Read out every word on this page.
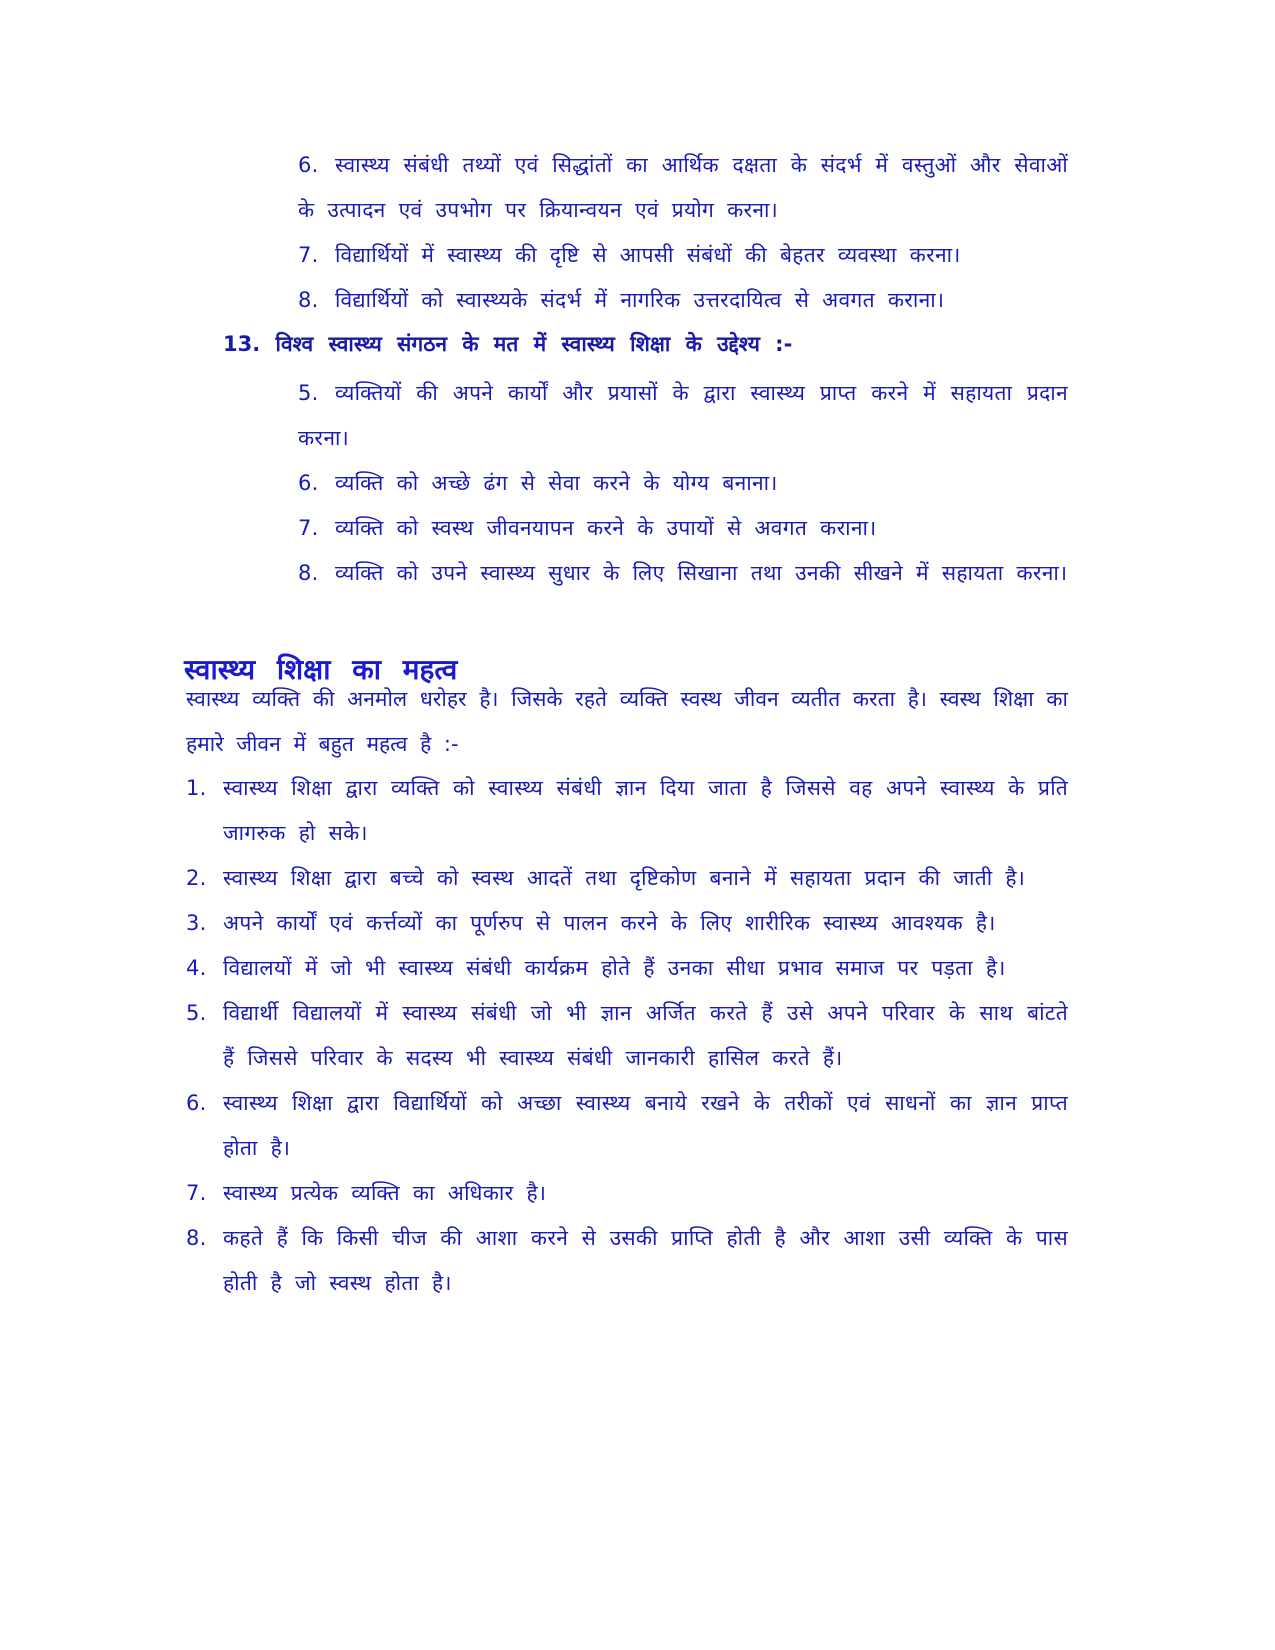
6. स्वास्थ्य संबंधी तथ्यों एवं सिद्धांतों का आर्थिक दक्षता के संदर्भ में वस्तुओं और सेवाओं के उत्पादन एवं उपभोग पर क्रियान्वयन एवं प्रयोग करना।

7. विद्यार्थियों में स्वास्थ्य की दृष्टि से आपसी संबंधों की बेहतर व्यवस्था करना।

8. विद्यार्थियों को स्वास्थ्यके संदर्भ में नागरिक उत्तरदायित्व से अवगत कराना।

13. विश्व स्वास्थ्य संगठन के मत में स्वास्थ्य शिक्षा के उद्देश्य :-

5. व्यक्तियों की अपने कार्यों और प्रयासों के द्वारा स्वास्थ्य प्राप्त करने में सहायता प्रदान करना।

6. व्यक्ति को अच्छे ढंग से सेवा करने के योग्य बनाना।

7. व्यक्ति को स्वस्थ जीवनयापन करने के उपायों से अवगत कराना।

8. व्यक्ति को उपने स्वास्थ्य सुधार के लिए सिखाना तथा उनकी सीखने में सहायता करना।

स्वास्थ्य शिक्षा का महत्व
स्वास्थ्य व्यक्ति की अनमोल धरोहर है। जिसके रहते व्यक्ति स्वस्थ जीवन व्यतीत करता है। स्वस्थ शिक्षा का हमारे जीवन में बहुत महत्व है :-

1. स्वास्थ्य शिक्षा द्वारा व्यक्ति को स्वास्थ्य संबंधी ज्ञान दिया जाता है जिससे वह अपने स्वास्थ्य के प्रति जागरुक हो सके।

2. स्वास्थ्य शिक्षा द्वारा बच्चे को स्वस्थ आदतें तथा दृष्टिकोण बनाने में सहायता प्रदान की जाती है।

3. अपने कार्यों एवं कर्त्तव्यों का पूर्णरुप से पालन करने के लिए शारीरिक स्वास्थ्य आवश्यक है।

4. विद्यालयों में जो भी स्वास्थ्य संबंधी कार्यक्रम होते हैं उनका सीधा प्रभाव समाज पर पड़ता है।

5. विद्यार्थी विद्यालयों में स्वास्थ्य संबंधी जो भी ज्ञान अर्जित करते हैं उसे अपने परिवार के साथ बांटते हैं जिससे परिवार के सदस्य भी स्वास्थ्य संबंधी जानकारी हासिल करते हैं।

6. स्वास्थ्य शिक्षा द्वारा विद्यार्थियों को अच्छा स्वास्थ्य बनाये रखने के तरीकों एवं साधनों का ज्ञान प्राप्त होता है।

7. स्वास्थ्य प्रत्येक व्यक्ति का अधिकार है।

8. कहते हैं कि किसी चीज की आशा करने से उसकी प्राप्ति होती है और आशा उसी व्यक्ति के पास होती है जो स्वस्थ होता है।
